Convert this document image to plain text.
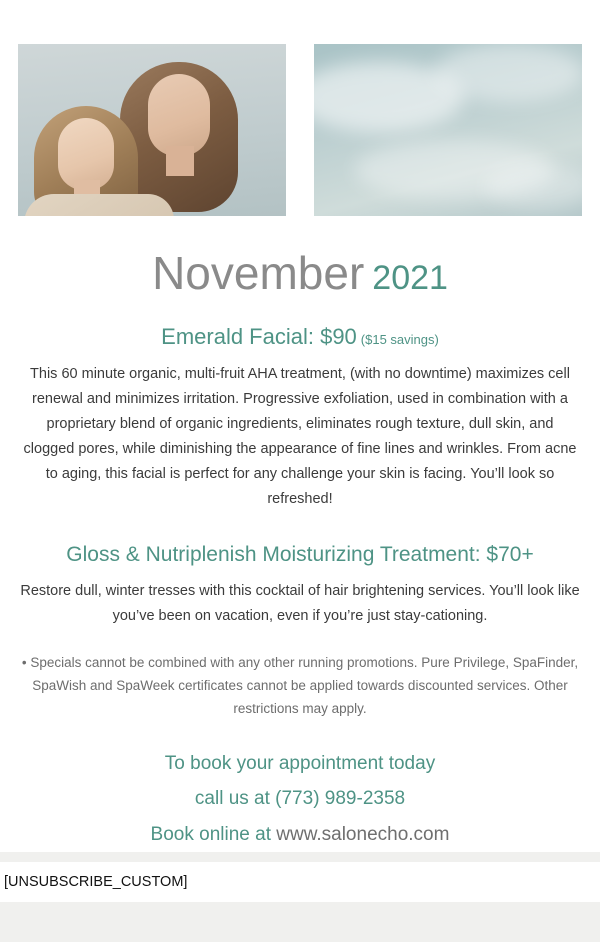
November 2021
Emerald Facial: $90 ($15 savings)
This 60 minute organic, multi-fruit AHA treatment, (with no downtime) maximizes cell renewal and minimizes irritation. Progressive exfoliation, used in combination with a proprietary blend of organic ingredients, eliminates rough texture, dull skin, and clogged pores, while diminishing the appearance of fine lines and wrinkles. From acne to aging, this facial is perfect for any challenge your skin is facing. You’ll look so refreshed!
Gloss & Nutriplenish Moisturizing Treatment: $70+
Restore dull, winter tresses with this cocktail of hair brightening services. You’ll look like you’ve been on vacation, even if you’re just stay-cationing.
• Specials cannot be combined with any other running promotions. Pure Privilege, SpaFinder, SpaWish and SpaWeek certificates cannot be applied towards discounted services. Other restrictions may apply.
To book your appointment today
call us at (773) 989-2358
Book online at www.salonecho.com
[UNSUBSCRIBE_CUSTOM]
